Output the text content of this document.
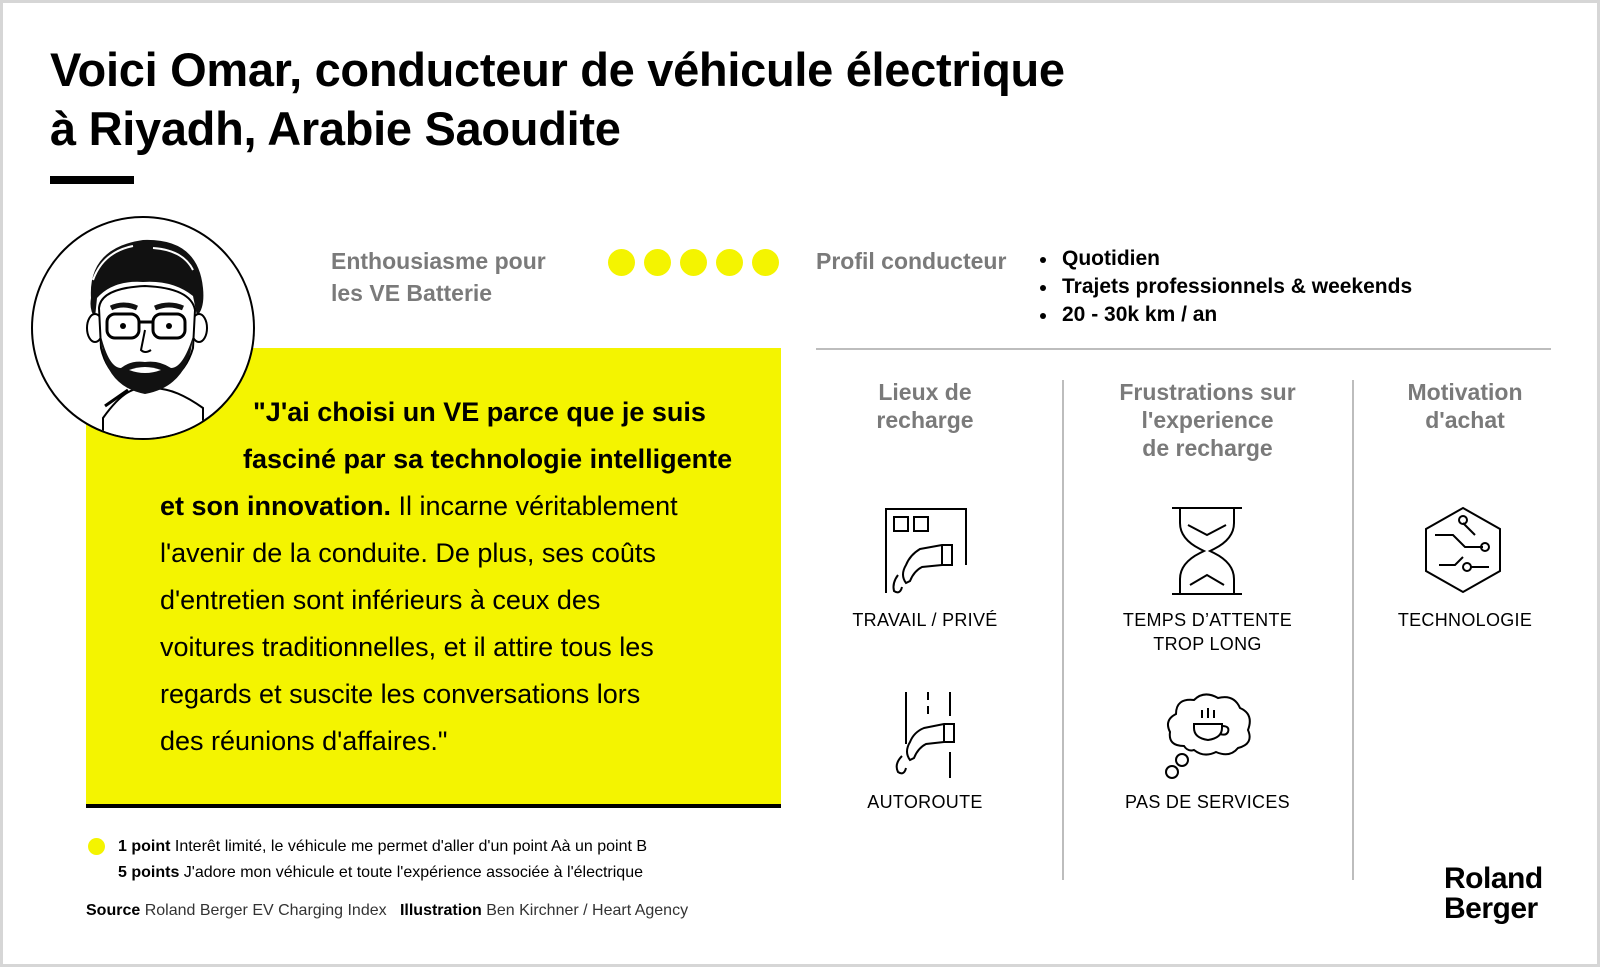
Voici Omar, conducteur de véhicule électrique
à Riyadh, Arabie Saoudite
Enthousiasme pour
les VE Batterie
Profil conducteur	Quotidien
Trajets professionnels & weekends
20 - 30k km / an
"J'ai choisi un VE parce que je suis
fasciné par sa technologie intelligente
et son innovation. Il incarne véritablement
l'avenir de la conduite. De plus, ses coûts
d'entretien sont inférieurs à ceux des
voitures traditionnelles, et il attire tous les
regards et suscite les conversations lors
des réunions d'affaires."
Lieux de
recharge
TRAVAIL / PRIVÉ
AUTOROUTE
Frustrations sur
l'experience
de recharge
TEMPS D’ATTENTE
TROP LONG
PAS DE SERVICES
Motivation
d'achat
TECHNOLOGIE
1 point Interêt limité, le véhicule me permet d'aller d'un point Aà un point B
5 points J'adore mon véhicule et toute l'expérience associée à l'électrique
Source Roland Berger EV Charging Index Illustration Ben Kirchner / Heart Agency
Roland
Berger
